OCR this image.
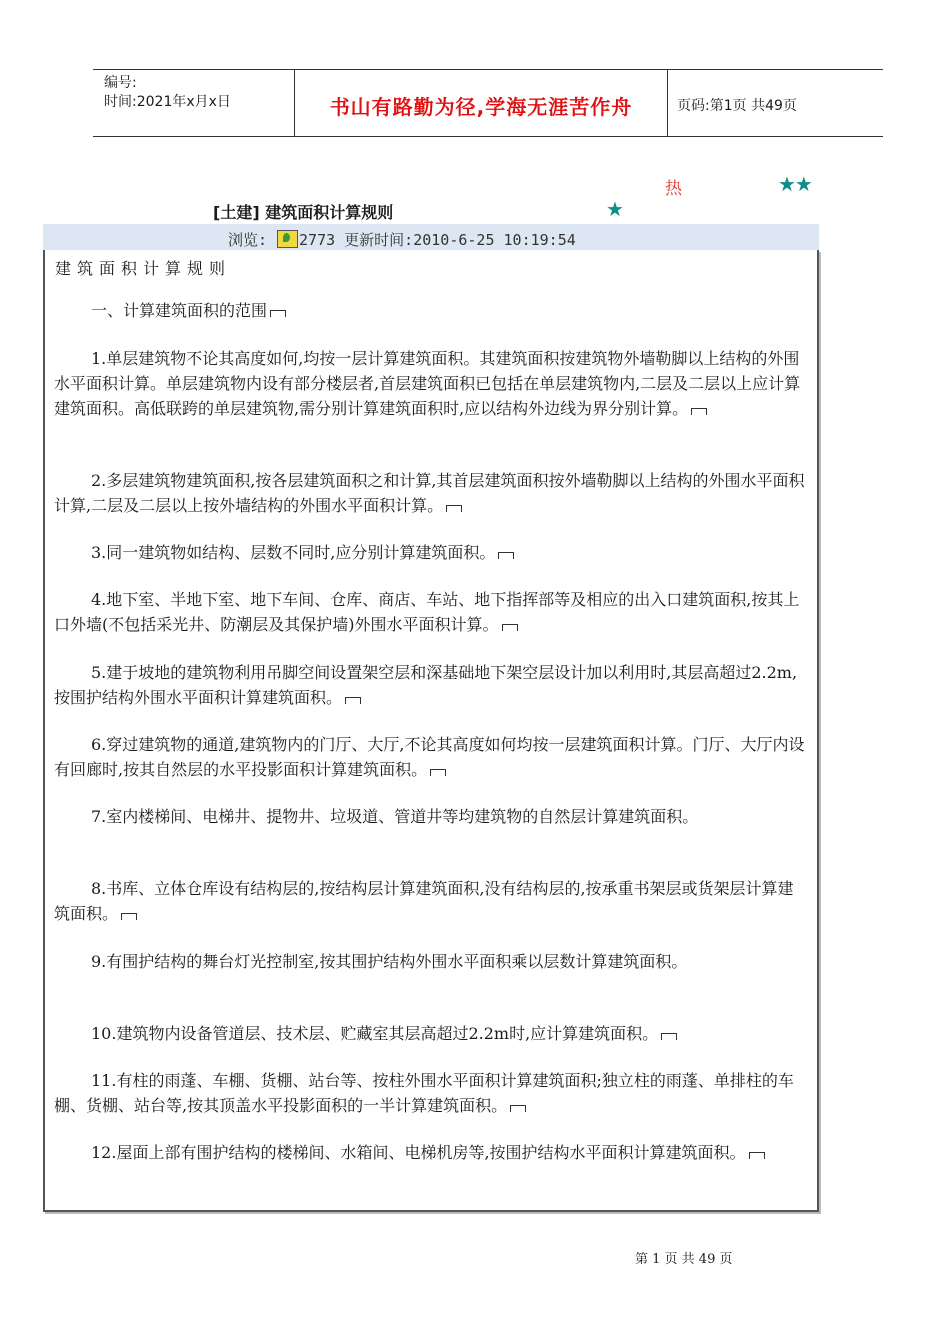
编号:
时间:2021年x月x日	书山有路勤为径,学海无涯苦作舟	页码:第1页 共49页
热	★★
[土建] 建筑面积计算规则	★
浏览: 2773 更新时间:2010-6-25 10:19:54
建筑面积计算规则

一、计算建筑面积的范围

1.单层建筑物不论其高度如何,均按一层计算建筑面积。其建筑面积按建筑物外墙勒脚以上结构的外围水平面积计算。单层建筑物内设有部分楼层者,首层建筑面积已包括在单层建筑物内,二层及二层以上应计算建筑面积。高低联跨的单层建筑物,需分别计算建筑面积时,应以结构外边线为界分别计算。

2.多层建筑物建筑面积,按各层建筑面积之和计算,其首层建筑面积按外墙勒脚以上结构的外围水平面积计算,二层及二层以上按外墙结构的外围水平面积计算。

3.同一建筑物如结构、层数不同时,应分别计算建筑面积。

4.地下室、半地下室、地下车间、仓库、商店、车站、地下指挥部等及相应的出入口建筑面积,按其上口外墙(不包括采光井、防潮层及其保护墙)外围水平面积计算。

5.建于坡地的建筑物利用吊脚空间设置架空层和深基础地下架空层设计加以利用时,其层高超过2.2m,按围护结构外围水平面积计算建筑面积。

6.穿过建筑物的通道,建筑物内的门厅、大厅,不论其高度如何均按一层建筑面积计算。门厅、大厅内设有回廊时,按其自然层的水平投影面积计算建筑面积。

7.室内楼梯间、电梯井、提物井、垃圾道、管道井等均建筑物的自然层计算建筑面积。

8.书库、立体仓库设有结构层的,按结构层计算建筑面积,没有结构层的,按承重书架层或货架层计算建筑面积。

9.有围护结构的舞台灯光控制室,按其围护结构外围水平面积乘以层数计算建筑面积。

10.建筑物内设备管道层、技术层、贮藏室其层高超过2.2m时,应计算建筑面积。

11.有柱的雨蓬、车棚、货棚、站台等、按柱外围水平面积计算建筑面积;独立柱的雨蓬、单排柱的车棚、货棚、站台等,按其顶盖水平投影面积的一半计算建筑面积。

12.屋面上部有围护结构的楼梯间、水箱间、电梯机房等,按围护结构水平面积计算建筑面积。

第 1 页 共 49 页
